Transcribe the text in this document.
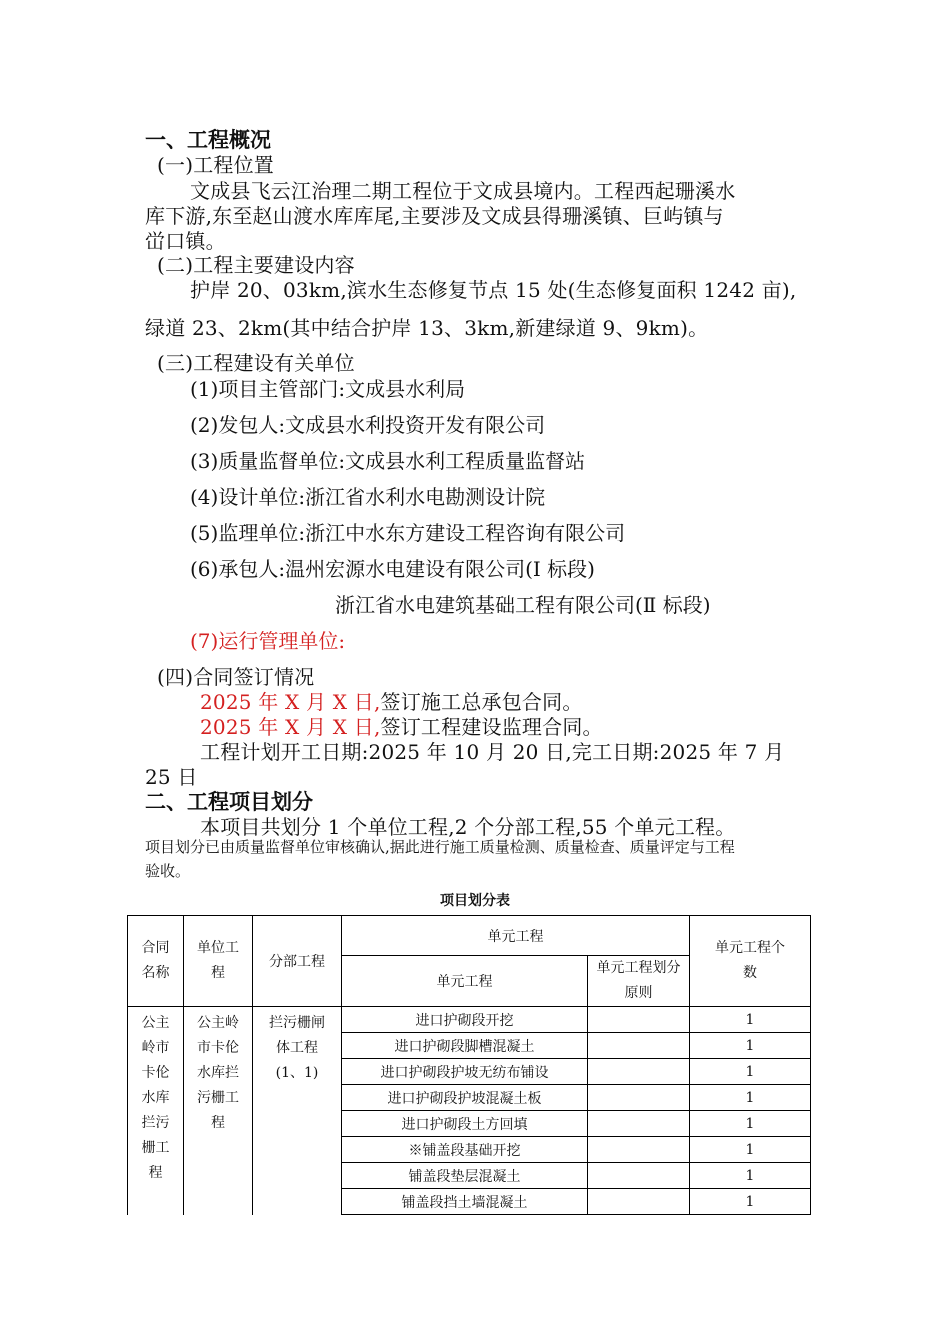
一、工程概况
(一)工程位置
文成县飞云江治理二期工程位于文成县境内。工程西起珊溪水
库下游,东至赵山渡水库库尾,主要涉及文成县得珊溪镇、巨屿镇与
峃口镇。
(二)工程主要建设内容
护岸 20、03km,滨水生态修复节点 15 处(生态修复面积 1242 亩),
绿道 23、2km(其中结合护岸 13、3km,新建绿道 9、9km)。
(三)工程建设有关单位
(1)项目主管部门:文成县水利局
(2)发包人:文成县水利投资开发有限公司
(3)质量监督单位:文成县水利工程质量监督站
(4)设计单位:浙江省水利水电勘测设计院
(5)监理单位:浙江中水东方建设工程咨询有限公司
(6)承包人:温州宏源水电建设有限公司(Ⅰ 标段)
浙江省水电建筑基础工程有限公司(Ⅱ 标段)
(7)运行管理单位:
(四)合同签订情况
2025 年 X 月 X 日,签订施工总承包合同。
2025 年 X 月 X 日,签订工程建设监理合同。
工程计划开工日期:2025 年 10 月 20 日,完工日期:2025 年 7 月
25 日
二、工程项目划分
本项目共划分 1 个单位工程,2 个分部工程,55 个单元工程。
项目划分已由质量监督单位审核确认,据此进行施工质量检测、质量检查、质量评定与工程
验收。
项目划分表
合同名称	单位工程	分部工程	单元工程		单元工程个数

			单元工程	单元工程划分原则	

公主岭市卡伦水库拦污栅工程	公主岭市卡伦水库拦污栅工程	拦污栅闸体工程
(1、1)	进口护砌段开挖		1
			进口护砌段脚槽混凝土		1
			进口护砌段护坡无纺布铺设		1
			进口护砌段护坡混凝土板		1
			进口护砌段土方回填		1
			※铺盖段基础开挖		1
			铺盖段垫层混凝土		1
			铺盖段挡土墙混凝土		1
